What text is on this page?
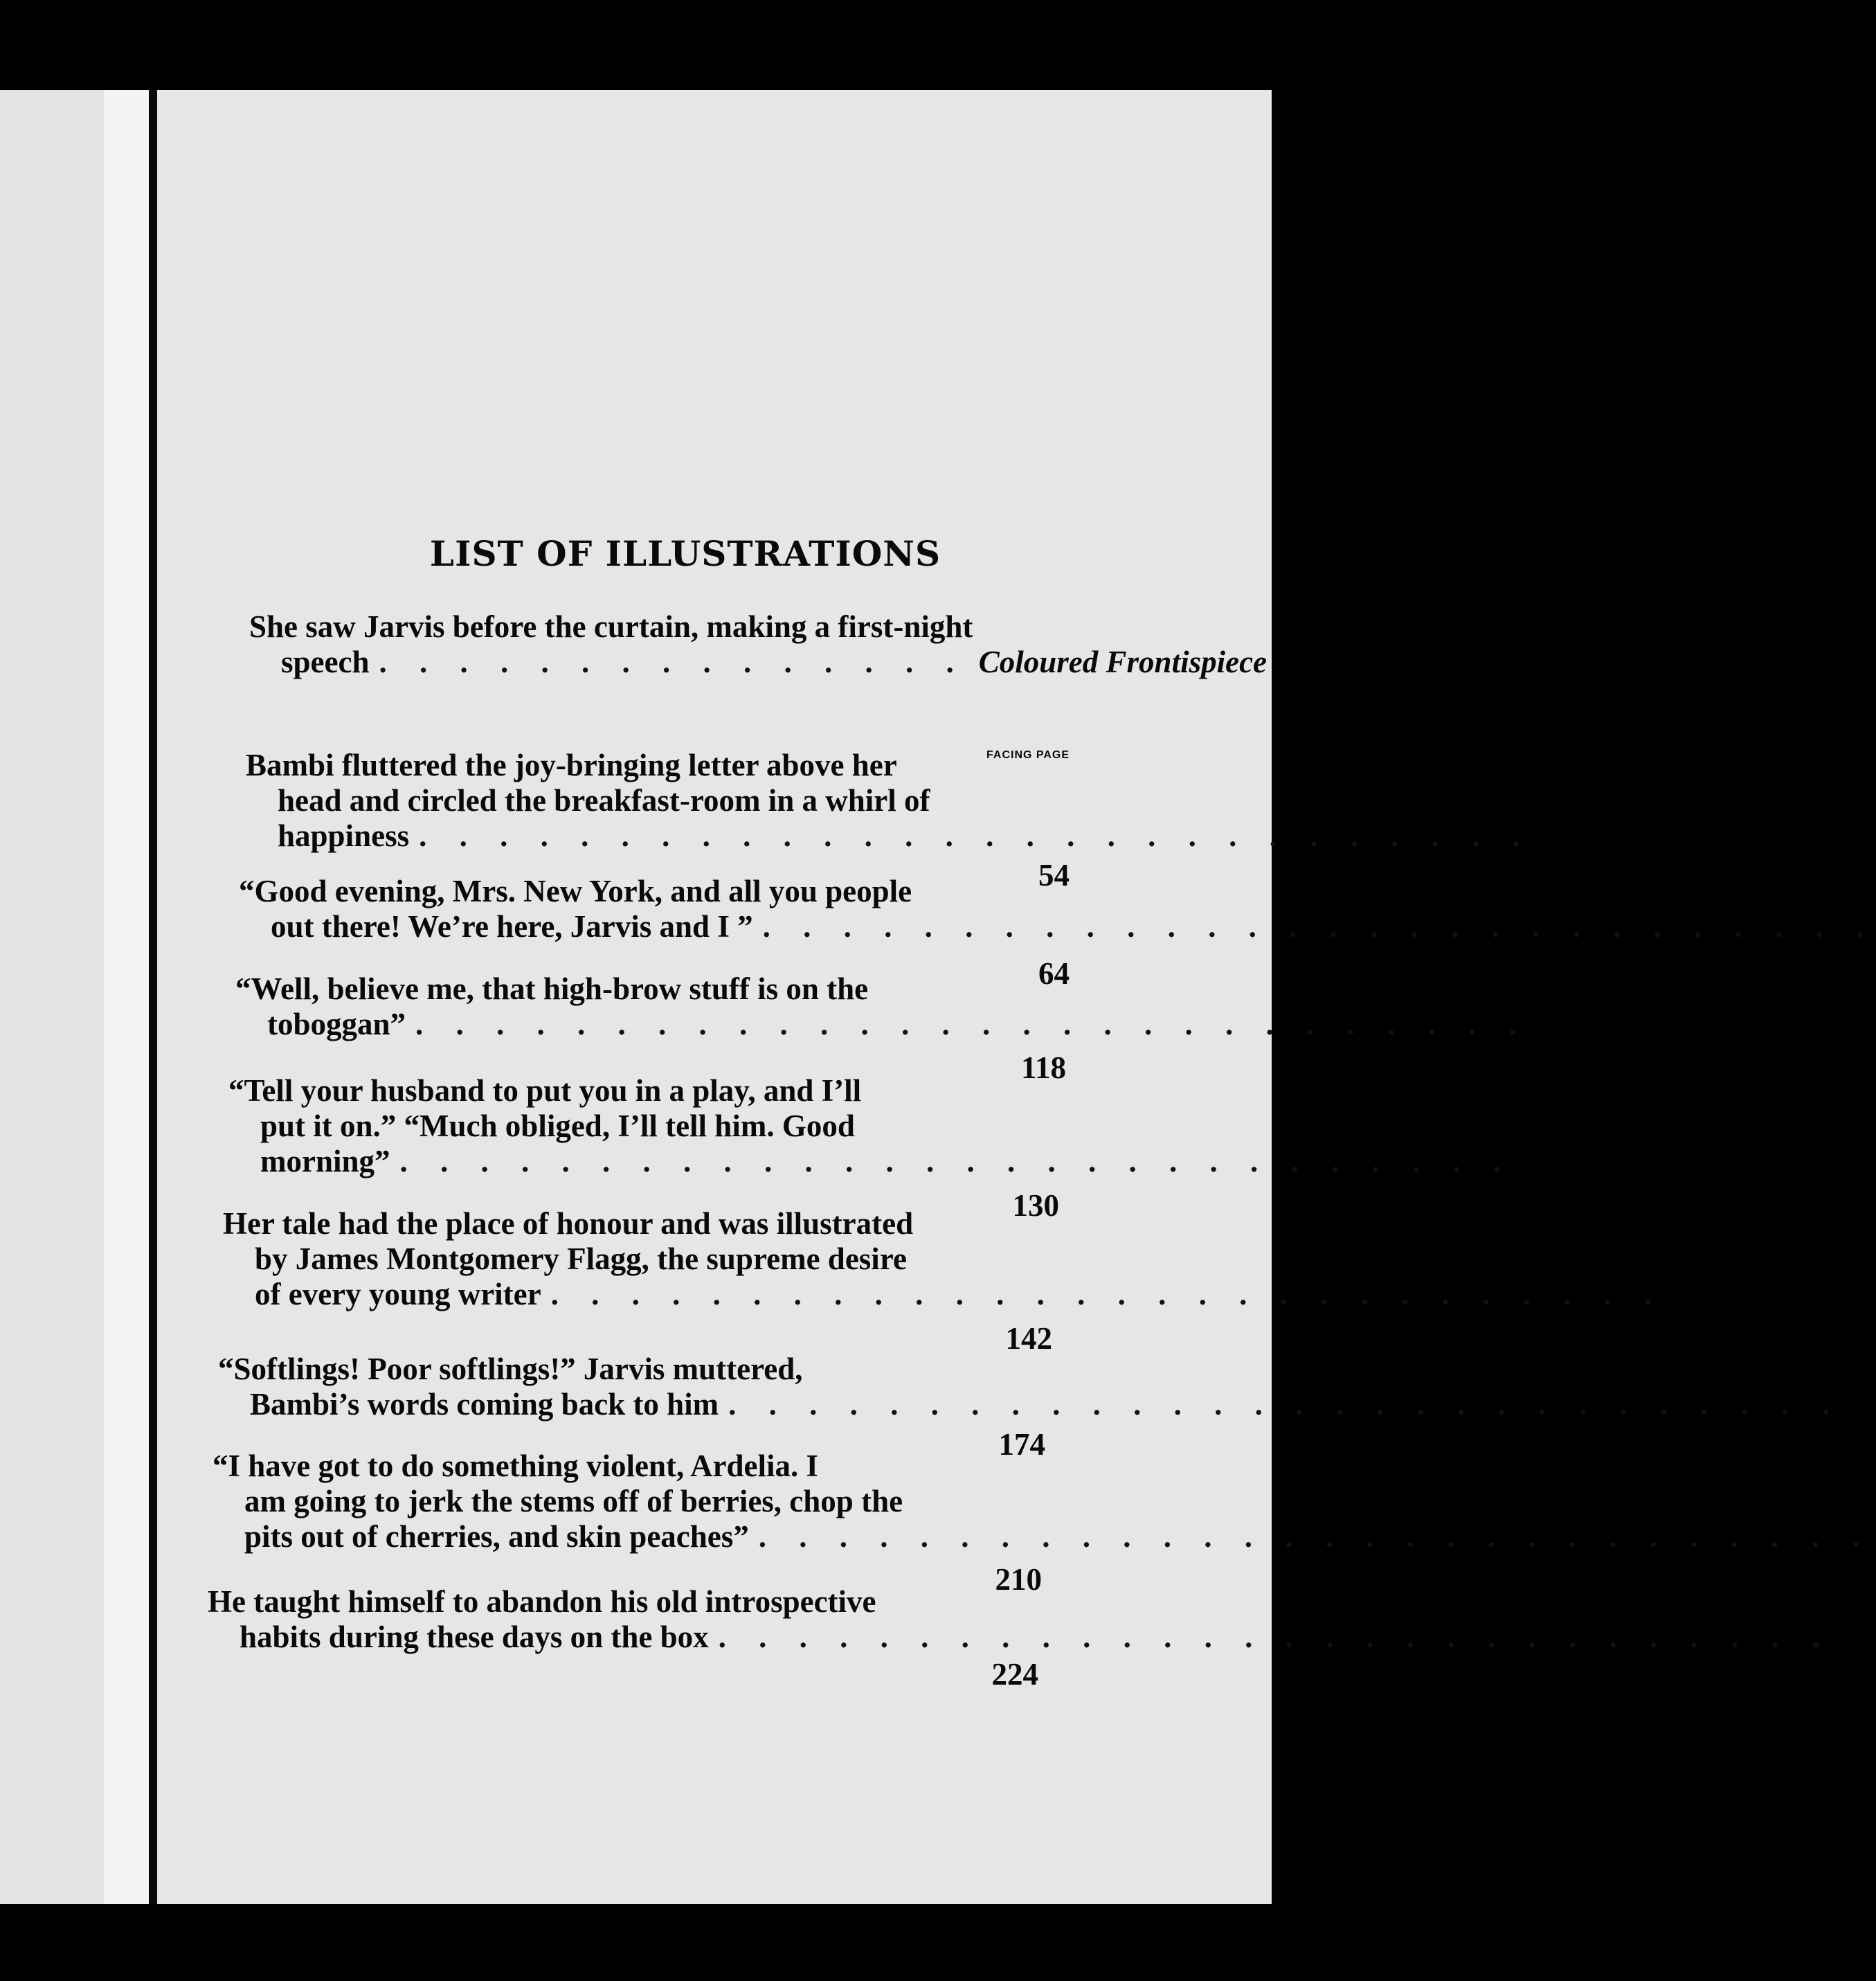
LIST OF ILLUSTRATIONS
She saw Jarvis before the curtain, making a first-night
speech . . . . . . . . . . . . . . . Coloured Frontispiece
FACING PAGE
Bambi fluttered the joy-bringing letter above her
head and circled the breakfast-room in a whirl of
happiness . . . . . . . . . . . . . . . . . . . . . . . . . . . .
54
“Good evening, Mrs. New York, and all you people
out there! We’re here, Jarvis and I ” . . . . . . . . . . . . . . . . . . . . . . . . . . . .
64
“Well, believe me, that high-brow stuff is on the
toboggan” . . . . . . . . . . . . . . . . . . . . . . . . . . . .
118
“Tell your husband to put you in a play, and I’ll
put it on.” “Much obliged, I’ll tell him. Good
morning” . . . . . . . . . . . . . . . . . . . . . . . . . . . .
130
Her tale had the place of honour and was illustrated
by James Montgomery Flagg, the supreme desire
of every young writer . . . . . . . . . . . . . . . . . . . . . . . . . . . .
142
“Softlings! Poor softlings!” Jarvis muttered,
Bambi’s words coming back to him . . . . . . . . . . . . . . . . . . . . . . . . . . . .
174
“I have got to do something violent, Ardelia. I
am going to jerk the stems off of berries, chop the
pits out of cherries, and skin peaches” . . . . . . . . . . . . . . . . . . . . . . . . . . . .
210
He taught himself to abandon his old introspective
habits during these days on the box . . . . . . . . . . . . . . . . . . . . . . . . . . . .
224
